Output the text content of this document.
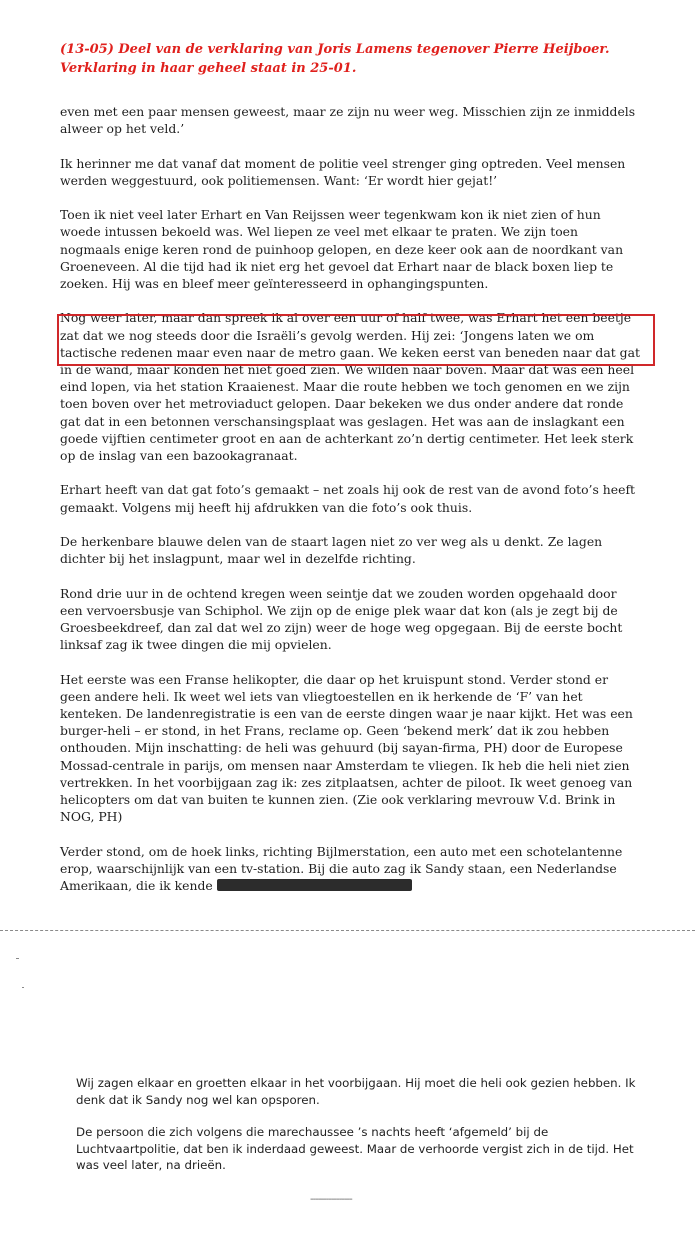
(13-05) Deel van de verklaring van Joris Lamens tegenover Pierre Heijboer.

Verklaring in haar geheel staat in 25-01.

even met een paar mensen geweest, maar ze zijn nu weer weg. Misschien zijn ze inmiddels alweer op het veld.’

Ik herinner me dat vanaf dat moment de politie veel strenger ging optreden. Veel mensen werden weggestuurd, ook politiemensen. Want: ‘Er wordt hier gejat!’

Toen ik niet veel later Erhart en Van Reijssen weer tegenkwam kon ik niet zien of hun woede intussen bekoeld was. Wel liepen ze veel met elkaar te praten. We zijn toen nogmaals enige keren rond de puinhoop gelopen, en deze keer ook aan de noordkant van Groeneveen. Al die tijd had ik niet erg het gevoel dat Erhart naar de black boxen liep te zoeken. Hij was en bleef meer geïnteresseerd in ophangingspunten.

Nog weer later, maar dan spreek ik al over een uur of half twee, was Erhart het een beetje zat dat we nog steeds door die Israëli’s gevolg werden. Hij zei: ‘Jongens laten we om tactische redenen maar even naar de metro gaan. We keken eerst van beneden naar dat gat in de wand, maar konden het niet goed zien. We wilden naar boven. Maar dat was een heel eind lopen, via het station Kraaienest. Maar die route hebben we toch genomen en we zijn toen boven over het metroviaduct gelopen. Daar bekeken we dus onder andere dat ronde gat dat in een betonnen verschansingsplaat was geslagen. Het was aan de inslagkant een goede vijftien centimeter groot en aan de achterkant zo’n dertig centimeter. Het leek sterk op de inslag van een bazookagranaat.

Erhart heeft van dat gat foto’s gemaakt – net zoals hij ook de rest van de avond foto’s heeft gemaakt. Volgens mij heeft hij afdrukken van die foto’s ook thuis.

De herkenbare blauwe delen van de staart lagen niet zo ver weg als u denkt. Ze lagen dichter bij het inslagpunt, maar wel in dezelfde richting.

Rond drie uur in de ochtend kregen ween seintje dat we zouden worden opgehaald door een vervoersbusje van Schiphol. We zijn op de enige plek waar dat kon (als je zegt bij de Groesbeekdreef, dan zal dat wel zo zijn) weer de hoge weg opgegaan. Bij de eerste bocht linksaf zag ik twee dingen die mij opvielen.

Het eerste was een Franse helikopter, die daar op het kruispunt stond. Verder stond er geen andere heli. Ik weet wel iets van vliegtoestellen en ik herkende de ‘F’ van het kenteken. De landenregistratie is een van de eerste dingen waar je naar kijkt. Het was een burger-heli – er stond, in het Frans, reclame op. Geen ‘bekend merk’ dat ik zou hebben onthouden. Mijn inschatting: de heli was gehuurd (bij sayan-firma, PH) door de Europese Mossad-centrale in parijs, om mensen naar Amsterdam te vliegen. Ik heb die heli niet zien vertrekken. In het voorbijgaan zag ik: zes zitplaatsen, achter de piloot. Ik weet genoeg van helicopters om dat van buiten te kunnen zien. (Zie ook verklaring mevrouw V.d. Brink in NOG, PH)

Verder stond, om de hoek links, richting Bijlmerstation, een auto met een schotelantenne erop, waarschijnlijk van een tv-station. Bij die auto zag ik Sandy staan, een Nederlandse Amerikaan, die ik kende

Wij zagen elkaar en groetten elkaar in het voorbijgaan. Hij moet die heli ook gezien hebben. Ik denk dat ik Sandy nog wel kan opsporen.

De persoon die zich volgens die marechaussee ’s nachts heeft ‘afgemeld’ bij de Luchtvaartpolitie, dat ben ik inderdaad geweest. Maar de verhoorde vergist zich in de tijd. Het was veel later, na drieën.

----------------
